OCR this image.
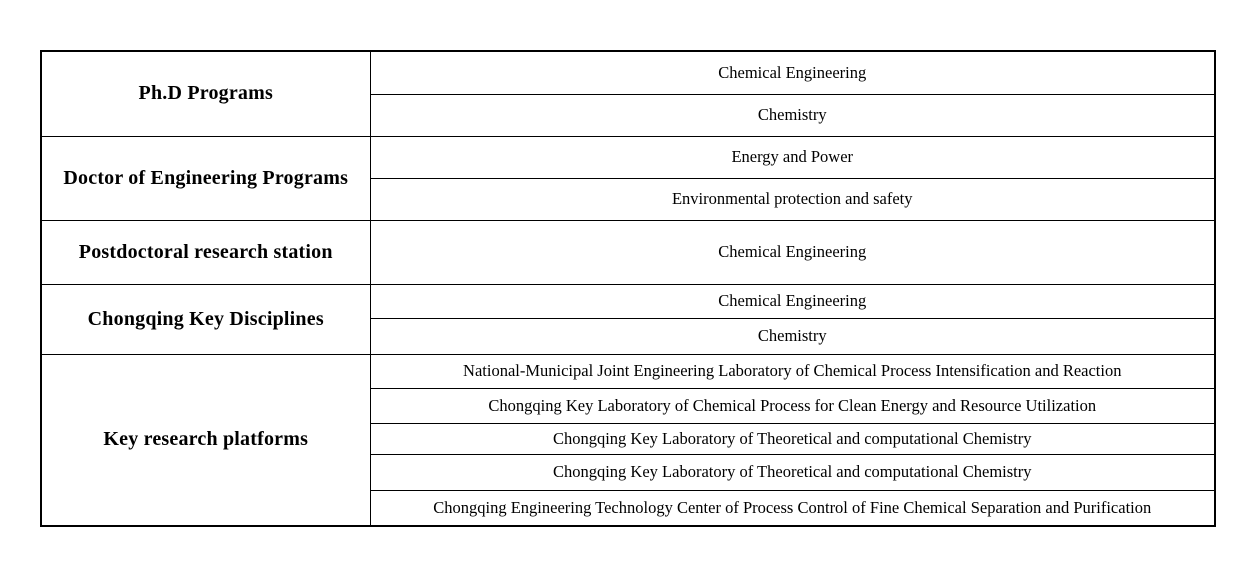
Ph.D Programs	Chemical Engineering
	Chemistry
Doctor of Engineering Programs	Energy and Power
	Environmental protection and safety
Postdoctoral research station	Chemical Engineering
Chongqing Key Disciplines	Chemical Engineering
	Chemistry
Key research platforms	National-Municipal Joint Engineering Laboratory of Chemical Process Intensification and Reaction
	Chongqing Key Laboratory of Chemical Process for Clean Energy and Resource Utilization
	Chongqing Key Laboratory of Theoretical and computational Chemistry
	Chongqing Key Laboratory of Theoretical and computational Chemistry
	Chongqing Engineering Technology Center of Process Control of Fine Chemical Separation and Purification
